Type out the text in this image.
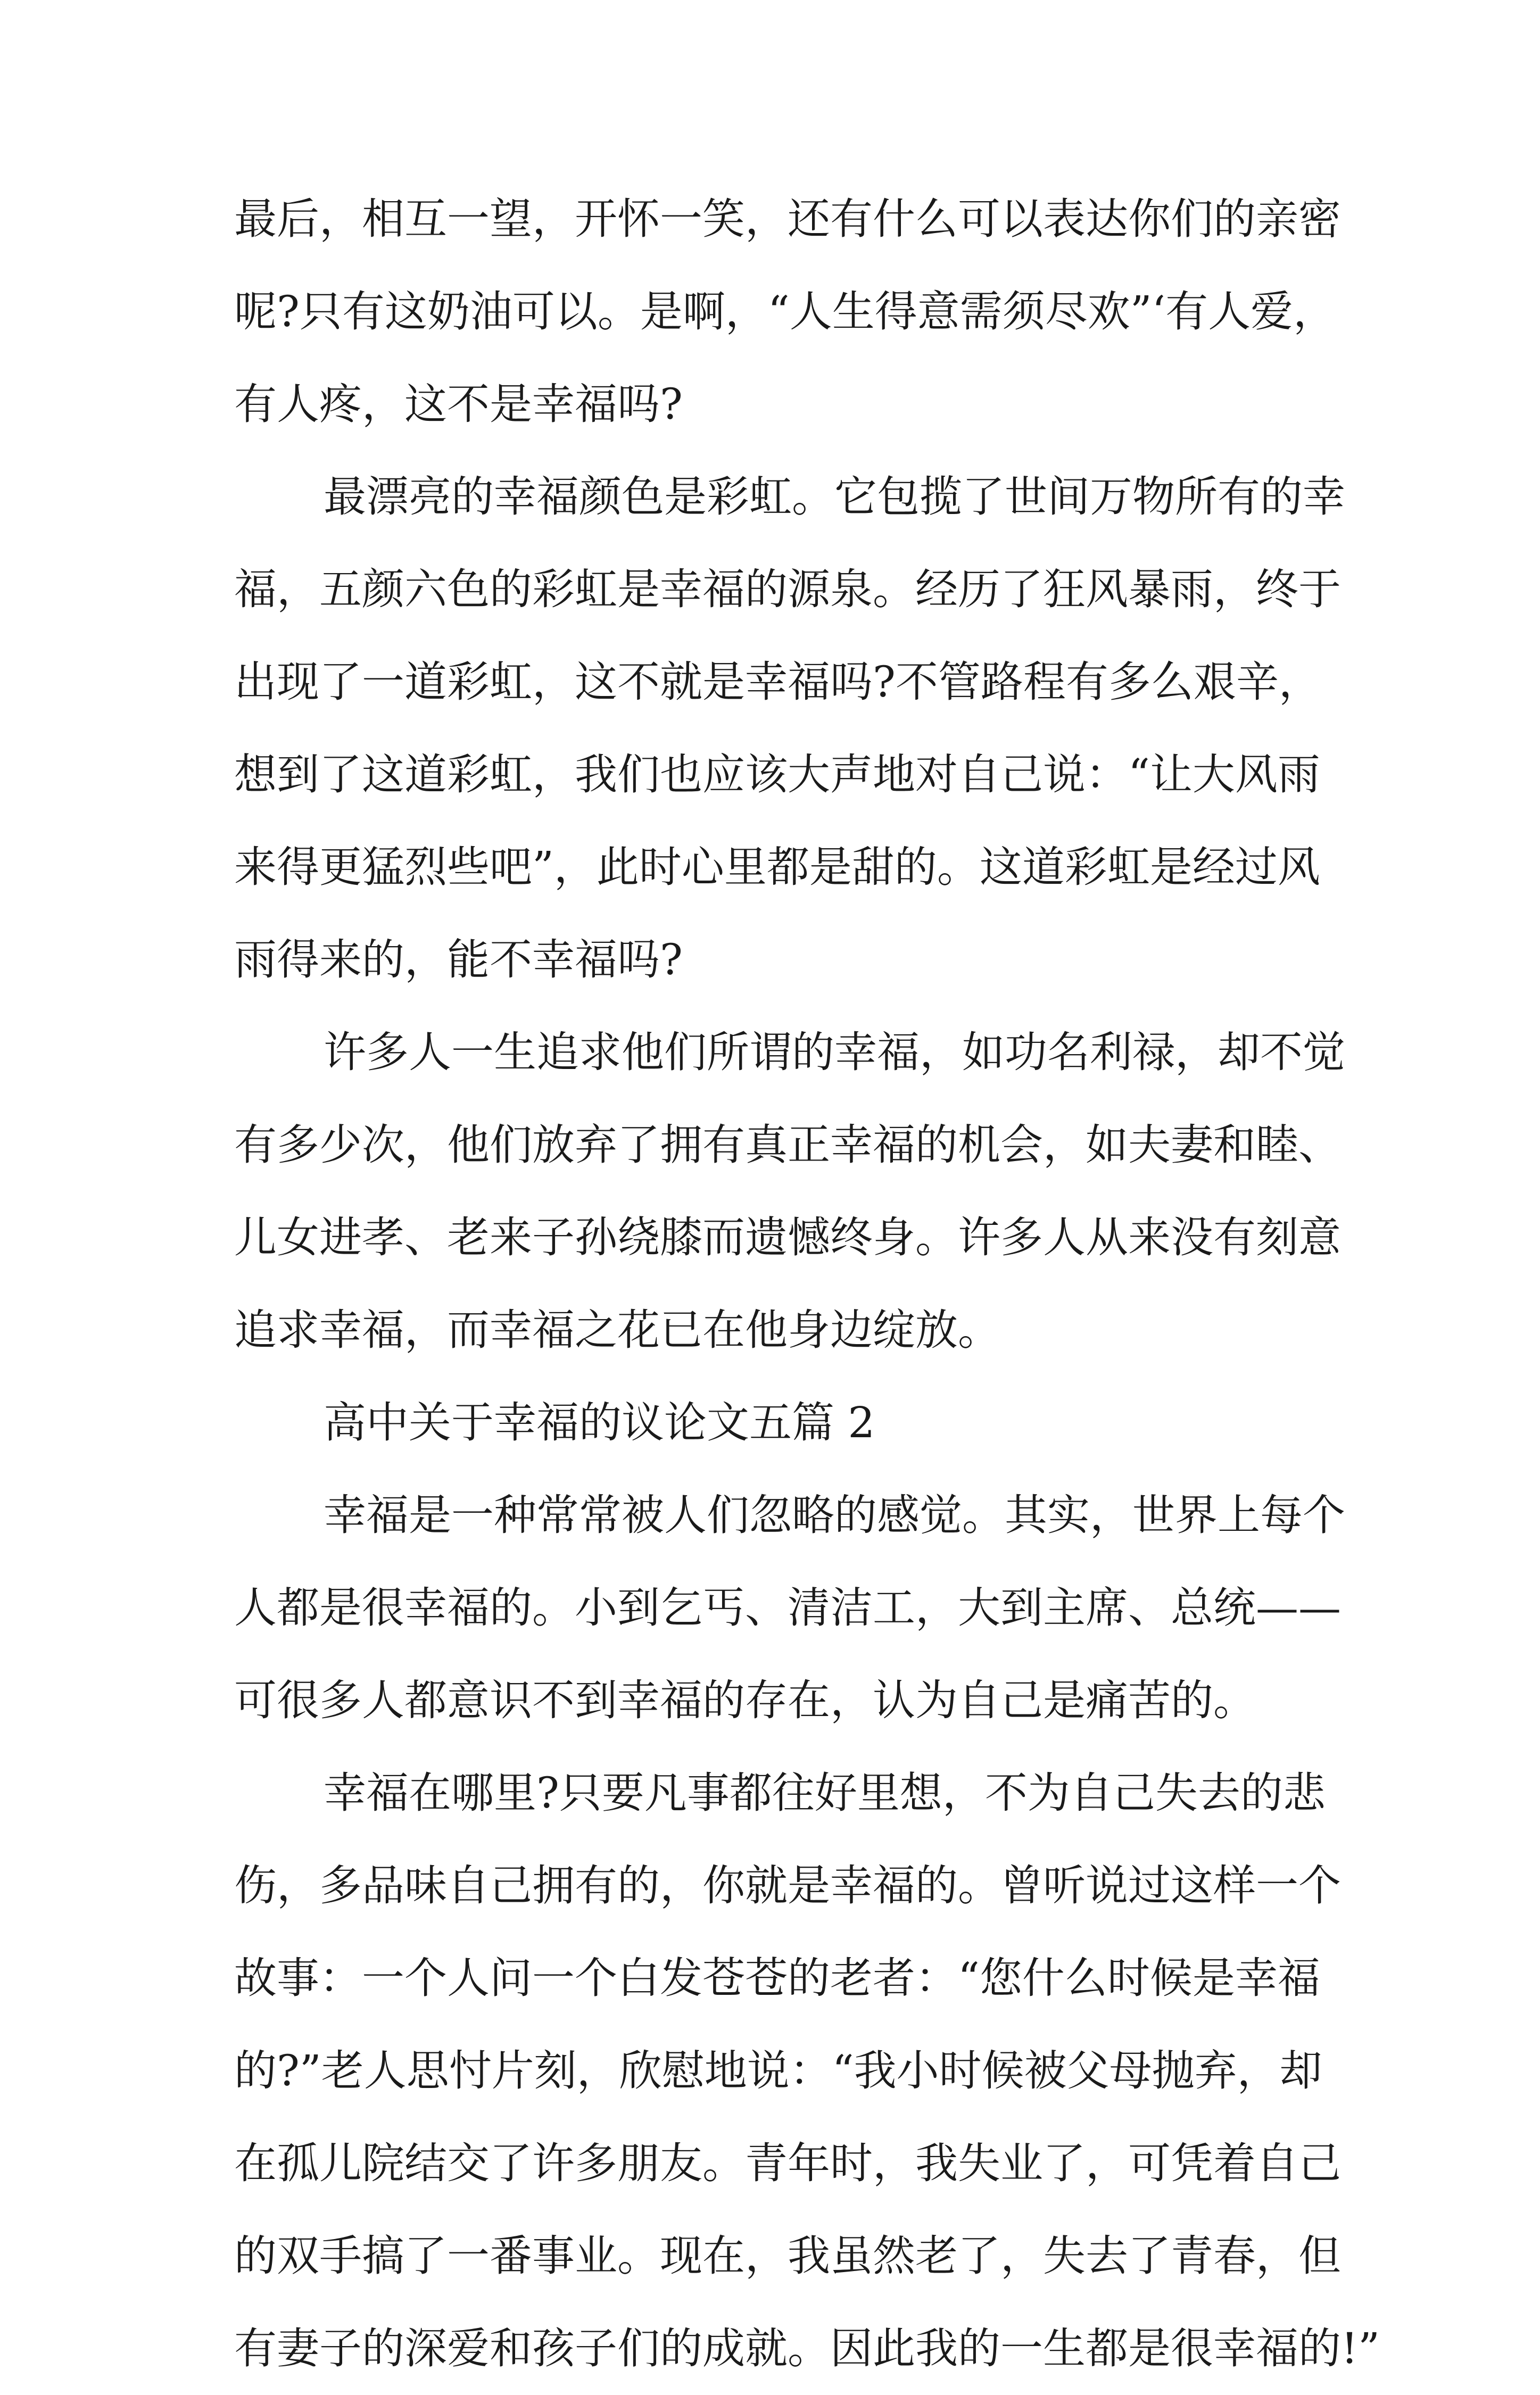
最后，相互一望，开怀一笑，还有什么可以表达你们的亲密
呢?只有这奶油可以。是啊，“人生得意需须尽欢”‘有人爱，
有人疼，这不是幸福吗?
最漂亮的幸福颜色是彩虹。它包揽了世间万物所有的幸
福，五颜六色的彩虹是幸福的源泉。经历了狂风暴雨，终于
出现了一道彩虹，这不就是幸福吗?不管路程有多么艰辛，
想到了这道彩虹，我们也应该大声地对自己说：“让大风雨
来得更猛烈些吧”，此时心里都是甜的。这道彩虹是经过风
雨得来的，能不幸福吗?
许多人一生追求他们所谓的幸福，如功名利禄，却不觉
有多少次，他们放弃了拥有真正幸福的机会，如夫妻和睦、
儿女进孝、老来子孙绕膝而遗憾终身。许多人从来没有刻意
追求幸福，而幸福之花已在他身边绽放。
高中关于幸福的议论文五篇 2
幸福是一种常常被人们忽略的感觉。其实，世界上每个
人都是很幸福的。小到乞丐、清洁工，大到主席、总统——
可很多人都意识不到幸福的存在，认为自己是痛苦的。
幸福在哪里?只要凡事都往好里想，不为自己失去的悲
伤，多品味自己拥有的，你就是幸福的。曾听说过这样一个
故事：一个人问一个白发苍苍的老者：“您什么时候是幸福
的?”老人思忖片刻，欣慰地说：“我小时候被父母抛弃，却
在孤儿院结交了许多朋友。青年时，我失业了，可凭着自己
的双手搞了一番事业。现在，我虽然老了，失去了青春，但
有妻子的深爱和孩子们的成就。因此我的一生都是很幸福的!”
